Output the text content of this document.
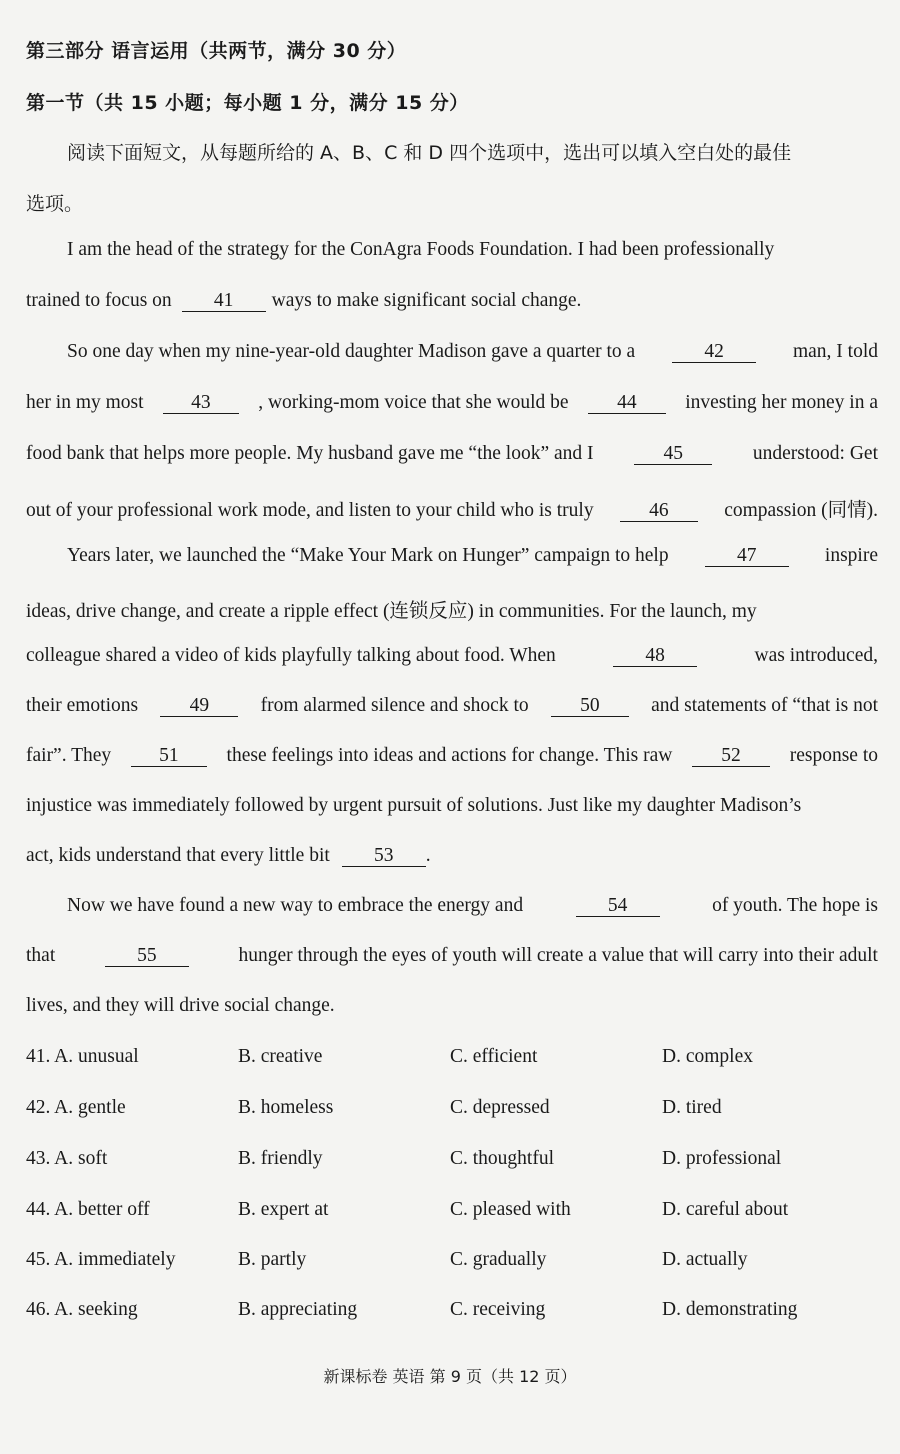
第三部分 语言运用（共两节，满分 30 分）
第一节（共 15 小题；每小题 1 分，满分 15 分）
阅读下面短文，从每题所给的 A、B、C 和 D 四个选项中，选出可以填入空白处的最佳
选项。
I am the head of the strategy for the ConAgra Foods Foundation. I had been professionally
trained to focus on	41	ways to make significant social change.
So one day when my nine-year-old daughter Madison gave a quarter to a	42	man, I told
her in my most	43	, working-mom voice that she would be	44	investing her money in a
food bank that helps more people. My husband gave me “the look” and I	45	understood: Get
out of your professional work mode, and listen to your child who is truly	46	compassion (同情).
Years later, we launched the “Make Your Mark on Hunger” campaign to help	47	inspire
ideas, drive change, and create a ripple effect (连锁反应) in communities. For the launch, my
colleague shared a video of kids playfully talking about food. When	48	was introduced,
their emotions	49	from alarmed silence and shock to	50	and statements of “that is not
fair”. They	51	these feelings into ideas and actions for change. This raw	52	response to
injustice was immediately followed by urgent pursuit of solutions. Just like my daughter Madison’s
act, kids understand that every little bit	53	.
Now we have found a new way to embrace the energy and	54	of youth. The hope is
that	55	hunger through the eyes of youth will create a value that will carry into their adult
lives, and they will drive social change.
41. A. unusual	B. creative	C. efficient	D. complex
42. A. gentle	B. homeless	C. depressed	D. tired
43. A. soft	B. friendly	C. thoughtful	D. professional
44. A. better off	B. expert at	C. pleased with	D. careful about
45. A. immediately	B. partly	C. gradually	D. actually
46. A. seeking	B. appreciating	C. receiving	D. demonstrating
新课标卷 英语 第 9 页（共 12 页）
